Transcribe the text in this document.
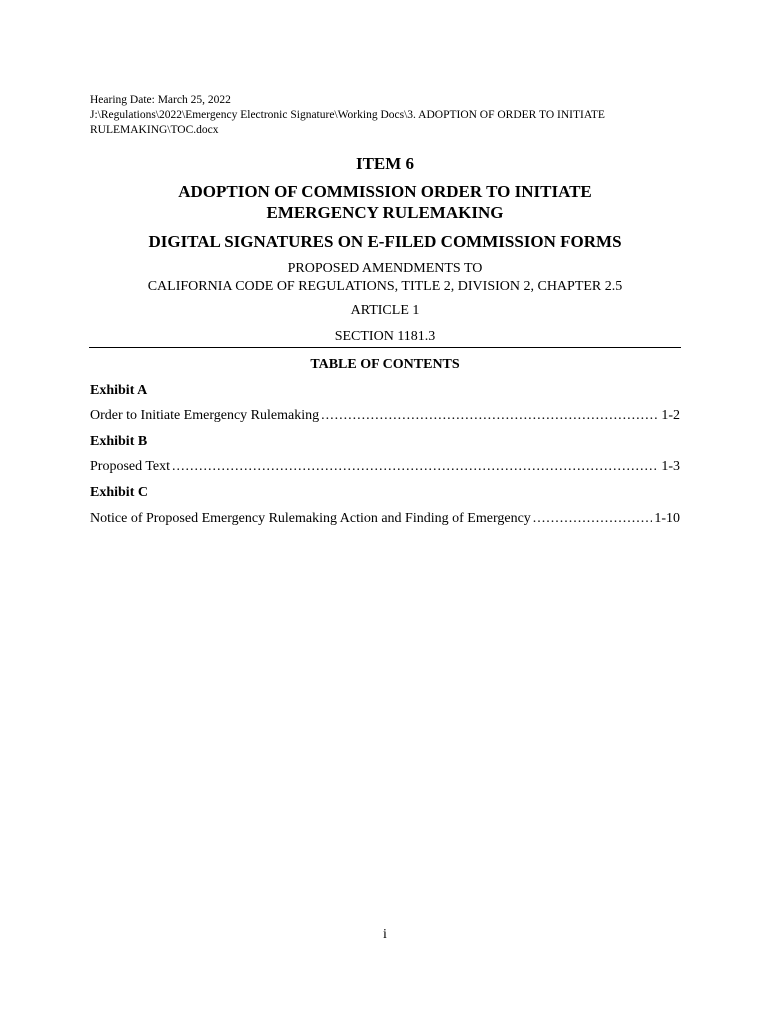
Hearing Date: March 25, 2022
J:\Regulations\2022\Emergency Electronic Signature\Working Docs\3. ADOPTION OF ORDER TO INITIATE
RULEMAKING\TOC.docx
ITEM 6
ADOPTION OF COMMISSION ORDER TO INITIATE
EMERGENCY RULEMAKING
DIGITAL SIGNATURES ON E-FILED COMMISSION FORMS
PROPOSED AMENDMENTS TO
CALIFORNIA CODE OF REGULATIONS, TITLE 2, DIVISION 2, CHAPTER 2.5
ARTICLE 1
SECTION 1181.3
TABLE OF CONTENTS
Exhibit A
Order to Initiate Emergency Rulemaking .....	1-2
Exhibit B
Proposed Text .....	1-3
Exhibit C
Notice of Proposed Emergency Rulemaking Action and Finding of Emergency .....	1-10
i
